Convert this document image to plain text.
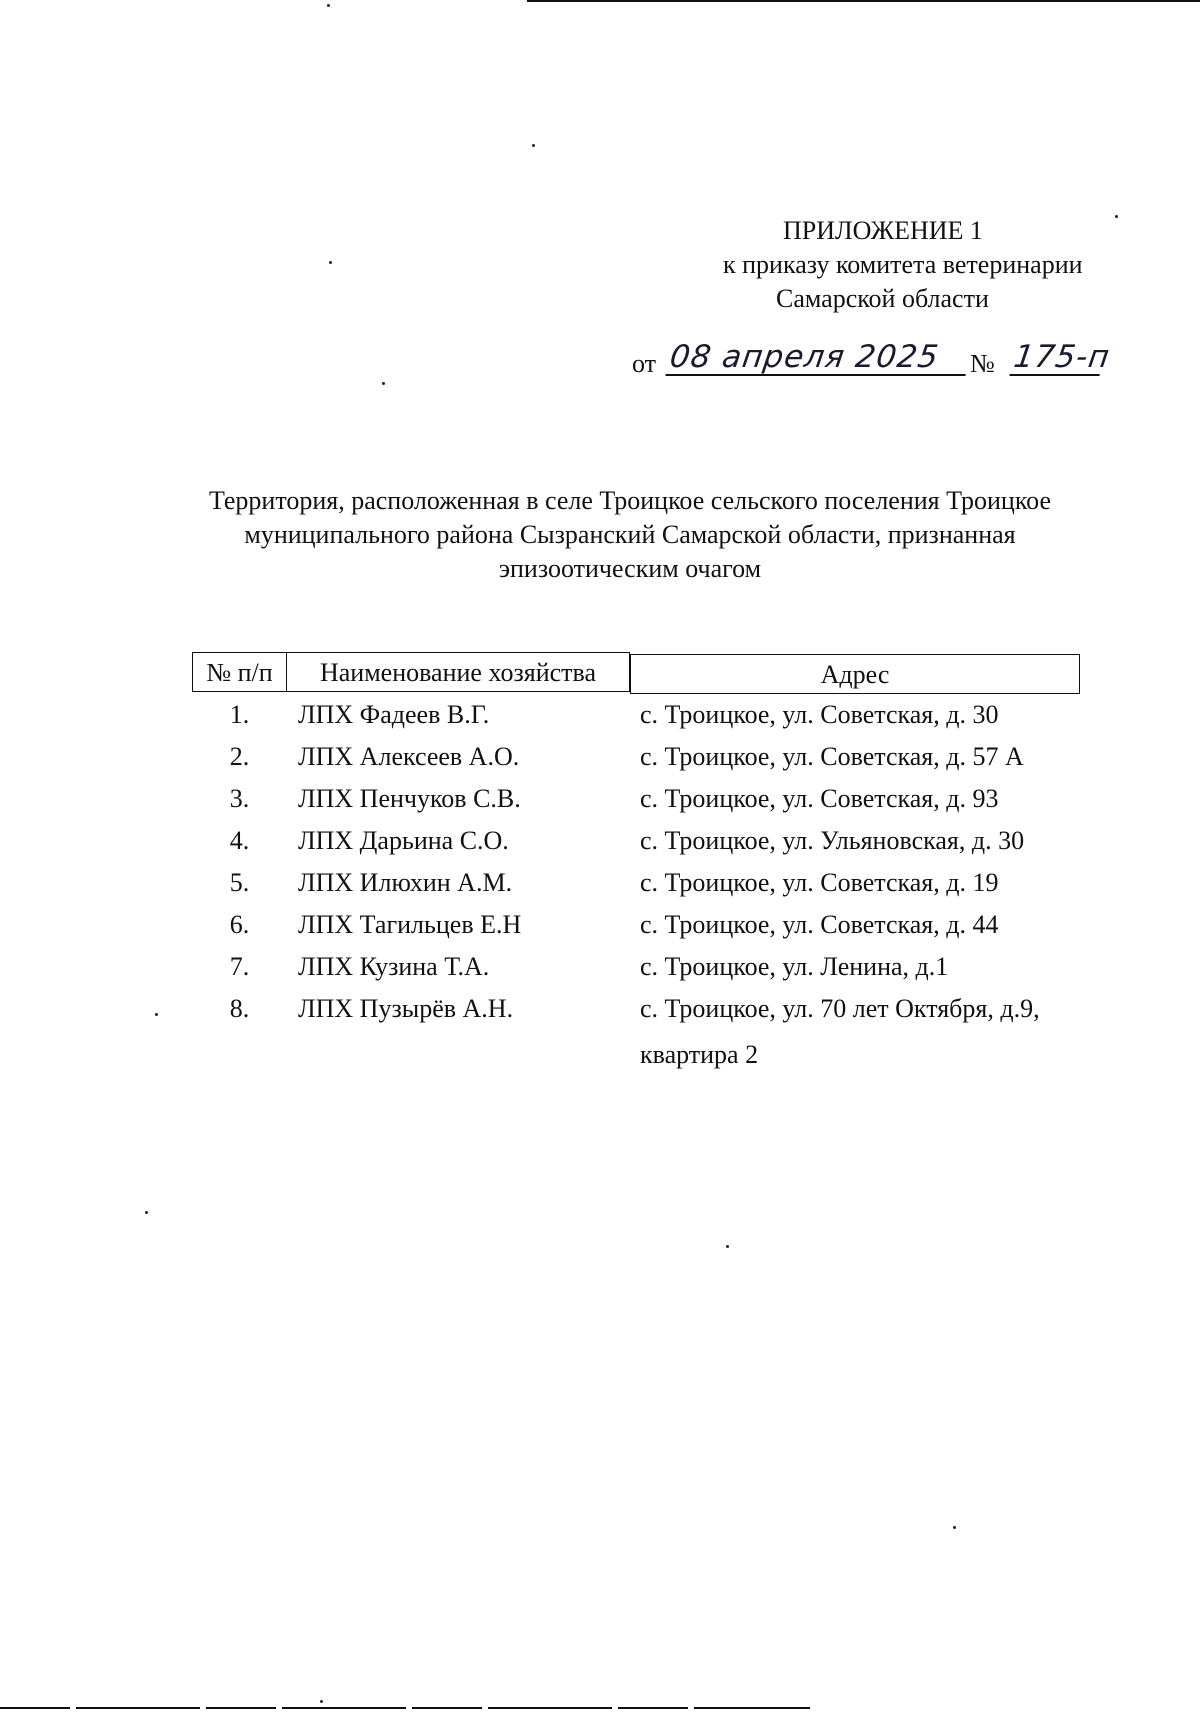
ПРИЛОЖЕНИЕ 1
к приказу комитета ветеринарии
Самарской области
от 08 апреля 2025	№ 175-п
Территория, расположенная в селе Троицкое сельского поселения Троицкое
муниципального района Сызранский Самарской области, признанная
эпизоотическим очагом
№ п/п	Наименование хозяйства	Адрес
1.	ЛПХ Фадеев В.Г.	с. Троицкое, ул. Советская, д. 30
2.	ЛПХ Алексеев А.О.	с. Троицкое, ул. Советская, д. 57 А
3.	ЛПХ Пенчуков С.В.	с. Троицкое, ул. Советская, д. 93
4.	ЛПХ Дарьина С.О.	с. Троицкое, ул. Ульяновская, д. 30
5.	ЛПХ Илюхин А.М.	с. Троицкое, ул. Советская, д. 19
6.	ЛПХ Тагильцев Е.Н	с. Троицкое, ул. Советская, д. 44
7.	ЛПХ Кузина Т.А.	с. Троицкое, ул. Ленина, д.1
8.	ЛПХ Пузырёв А.Н.	с. Троицкое, ул. 70 лет Октября, д.9,
квартира 2
